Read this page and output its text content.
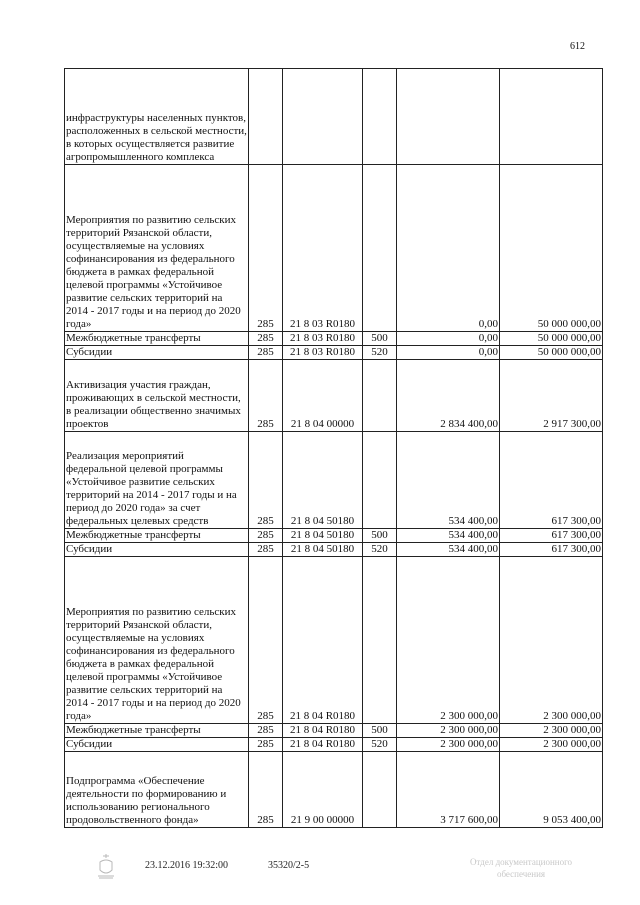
612
инфраструктуры населенных пунктов, расположенных в сельской местности, в которых осуществляется развитие агропромышленного комплекса					
Мероприятия по развитию сельских территорий Рязанской области, осуществляемые на условиях софинансирования из федерального бюджета в рамках федеральной целевой программы «Устойчивое развитие сельских территорий на 2014 - 2017 годы и на период до 2020 года»	285	21 8 03 R0180		0,00	50 000 000,00
Межбюджетные трансферты	285	21 8 03 R0180	500	0,00	50 000 000,00
Субсидии	285	21 8 03 R0180	520	0,00	50 000 000,00
Активизация участия граждан, проживающих в сельской местности, в реализации общественно значимых проектов	285	21 8 04 00000		2 834 400,00	2 917 300,00
Реализация мероприятий федеральной целевой программы «Устойчивое развитие сельских территорий на 2014 - 2017 годы и на период до 2020 года» за счет федеральных целевых средств	285	21 8 04 50180		534 400,00	617 300,00
Межбюджетные трансферты	285	21 8 04 50180	500	534 400,00	617 300,00
Субсидии	285	21 8 04 50180	520	534 400,00	617 300,00
Мероприятия по развитию сельских территорий Рязанской области, осуществляемые на условиях софинансирования из федерального бюджета в рамках федеральной целевой программы «Устойчивое развитие сельских территорий на 2014 - 2017 годы и на период до 2020 года»	285	21 8 04 R0180		2 300 000,00	2 300 000,00
Межбюджетные трансферты	285	21 8 04 R0180	500	2 300 000,00	2 300 000,00
Субсидии	285	21 8 04 R0180	520	2 300 000,00	2 300 000,00
Подпрограмма «Обеспечение деятельности по формированию и использованию регионального продовольственного фонда»	285	21 9 00 00000		3 717 600,00	9 053 400,00
23.12.2016 19:32:00	35320/2-5	Отдел документационного
обеспечения
